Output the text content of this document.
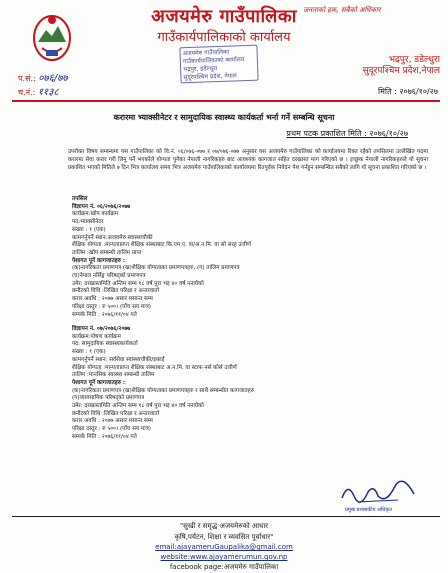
जनताको हक, सबैको अधिकार
अजयमेरु गाउँपालिका
गाउँकार्यपालिकाको कार्यालय
अजयमेरु गाउँपालिका
गाउँकार्यपालिकाको कार्यालय
भद्रपुर, डडेल्धुरा
सुदूरपश्चिम प्रदेश, नेपाल
भद्रपुर, डडेल्धुरा
सुदूरपश्चिम प्रदेश,नेपाल
प.सं.: ०७६/७७
च.नं.: ११३८	मिति : २०७६/१०/२७
करारमा भ्याक्सीनेटर र सामुदायिक स्वास्थ्य कार्यकर्ता भर्ना गर्ने सम्बन्धि सूचना
प्रथम पटक प्रकाशित मिति : २०७६/१०/२७
उपरोक्त विषय सम्बन्धमा यस गाउँपालिका को वि.नं. ०६/०७६-०७७ र ०७/०७६-०७७ अनुसार यस अजयमेरु गाउँपालिका को कार्यालयमा रिक्त रहेको तपसिलमा उल्लेखित पदमा करारमा सेवा करार गरी लिनु पर्ने भएकोले योग्यता पुगेका नेपाली नागरिकहरु बाट आवश्यक कागजात सहित दरखास्त माग गरिएको छ । इच्छुक नेपाली नागरिकहरुले यो सूचना प्रकाशित भएको मितिले ७ दिन भित्र कार्यालय समय भित्र अजयमेरु गाउँपालिकाको कार्यालयमा रितपूर्वक निवेदन पेश गर्नहुन सम्बन्धित सबैको लागि यो सूचना प्रकाशित गरिएको छ ।
तपसिल
विज्ञापन नं. ०६/२०७६/२०७७
कार्यक्रम:खोप कार्यक्रम
पद:भ्याक्सीनेटर
संख्या : १ (एक)
कामगर्नुपर्ने स्थान:अजयमेरु स्वास्थ्यचौकी
शैक्षिक योग्यता :मान्यताप्राप्त शैक्षिक संस्थाबाट कि.एम.ए. वा/अ.न.मि. वा सो सरह उत्तीर्ण
तालिम :खोप सम्बन्धी तालिम प्राप्त
पेशागत पूर्ने कागजातहरु :
(क)नागरिकता प्रमाणपत्र (ख)शैक्षिक योग्यताका प्रमाणपत्रहरु, (ग) तालिम प्रमाणपत्र
(घ)नेपाल नर्सिङ्ग परिषद्को प्रमाणपत्र
उमेर: दरखास्तमिति अन्तिम सम्म १८ वर्ष पुरा भइ ४० वर्ष ननाघेको
छनौटको विधि :लिखित परिक्षा र अन्तरवार्ता
करार अवधि : २०७७ असार मसान्त सम्म
परिक्षा दस्तुर : रु ५००। (पाँच सय मात्र)
सम्पर्क मिति : २०७६/११/०४ गते
विज्ञापन नं. ०७/२०७६/२०७७
कार्यक्रम:पोषण कार्यक्रम
पद: सामुदायिक स्वास्थ्यकार्यकर्ता
संख्या : १ (एक)
कामगर्नुपर्ने स्थान: सर्वसेवा स्वास्थ्यचौकी/इकाई
शैक्षिक योग्यता :मान्यताप्राप्त शैक्षिक संस्थाबाट अ.न.मि. वा स्टाफ नर्स कोर्स उत्तीर्ण
तालिम :मानसिक स्वास्थ्य सम्बन्धी तालिम
पेशागत पूर्ने कागजातहरु :
(क)नागरिकता प्रमाणपत्र (ख)शैक्षिक योग्यताका प्रमाणपत्रहरु र साथै सम्बन्धीत कागजातहरु
(ग)व्यावसायिक परिषद्को प्रमाणपत्र
उमेर: दरखास्तमिति अन्तिम सम्म १८ वर्ष पुरा भइ ४० वर्ष ननाघेको
छनौटको विधि :लिखित परिक्षा र अन्तरवार्ता
करार अवधि : २०७७ असार मसान्त सम्म
परिक्षा दस्तुर : रु ५००। (पाँच सय मात्र)
सम्पर्क मिति : २०७६/११/०४ गते
प्रमुख प्रशासकीय अधिकृत
"सुखी र समृद्ध अजयमेरुको आधार
कृषि,पर्यटन, शिक्षा र व्यवसित पूर्वाधार"
email:ajayameruGaupalika@gmail.com
website:www.ajayamerumun.gov.np
facebook page:अजयमेरु गाउँपालिका
